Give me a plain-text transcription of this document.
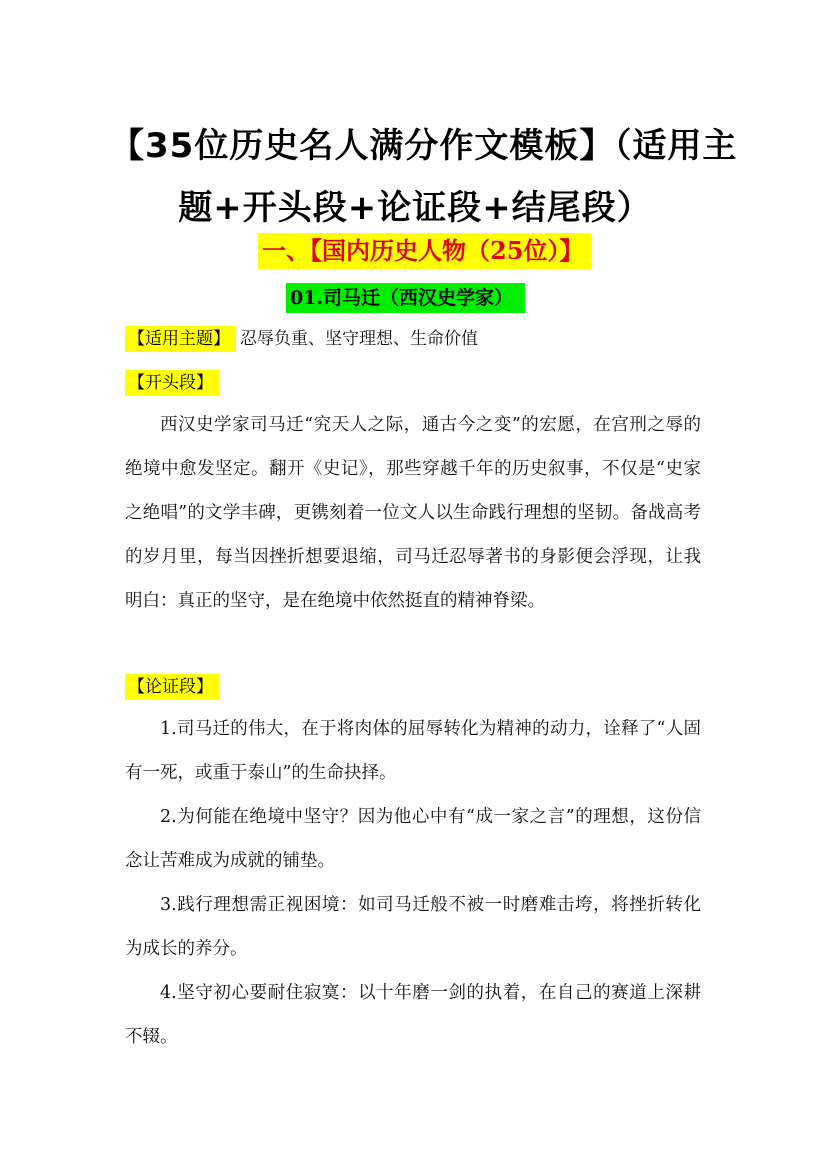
【35位历史名人满分作文模板】（适用主
题+开头段+论证段+结尾段）
一、【国内历史人物（25位）】
01.司马迁（西汉史学家）
【适用主题】 忍辱负重、坚守理想、生命价值
【开头段】

西汉史学家司马迁“究天人之际，通古今之变”的宏愿，在宫刑之辱的绝境中愈发坚定。翻开《史记》，那些穿越千年的历史叙事，不仅是“史家之绝唱”的文学丰碑，更镌刻着一位文人以生命践行理想的坚韧。备战高考的岁月里，每当因挫折想要退缩，司马迁忍辱著书的身影便会浮现，让我明白：真正的坚守，是在绝境中依然挺直的精神脊梁。

【论证段】

1.司马迁的伟大，在于将肉体的屈辱转化为精神的动力，诠释了“人固有一死，或重于泰山”的生命抉择。

2.为何能在绝境中坚守？因为他心中有“成一家之言”的理想，这份信念让苦难成为成就的铺垫。

3.践行理想需正视困境：如司马迁般不被一时磨难击垮，将挫折转化为成长的养分。

4.坚守初心要耐住寂寞：以十年磨一剑的执着，在自己的赛道上深耕不辍。
